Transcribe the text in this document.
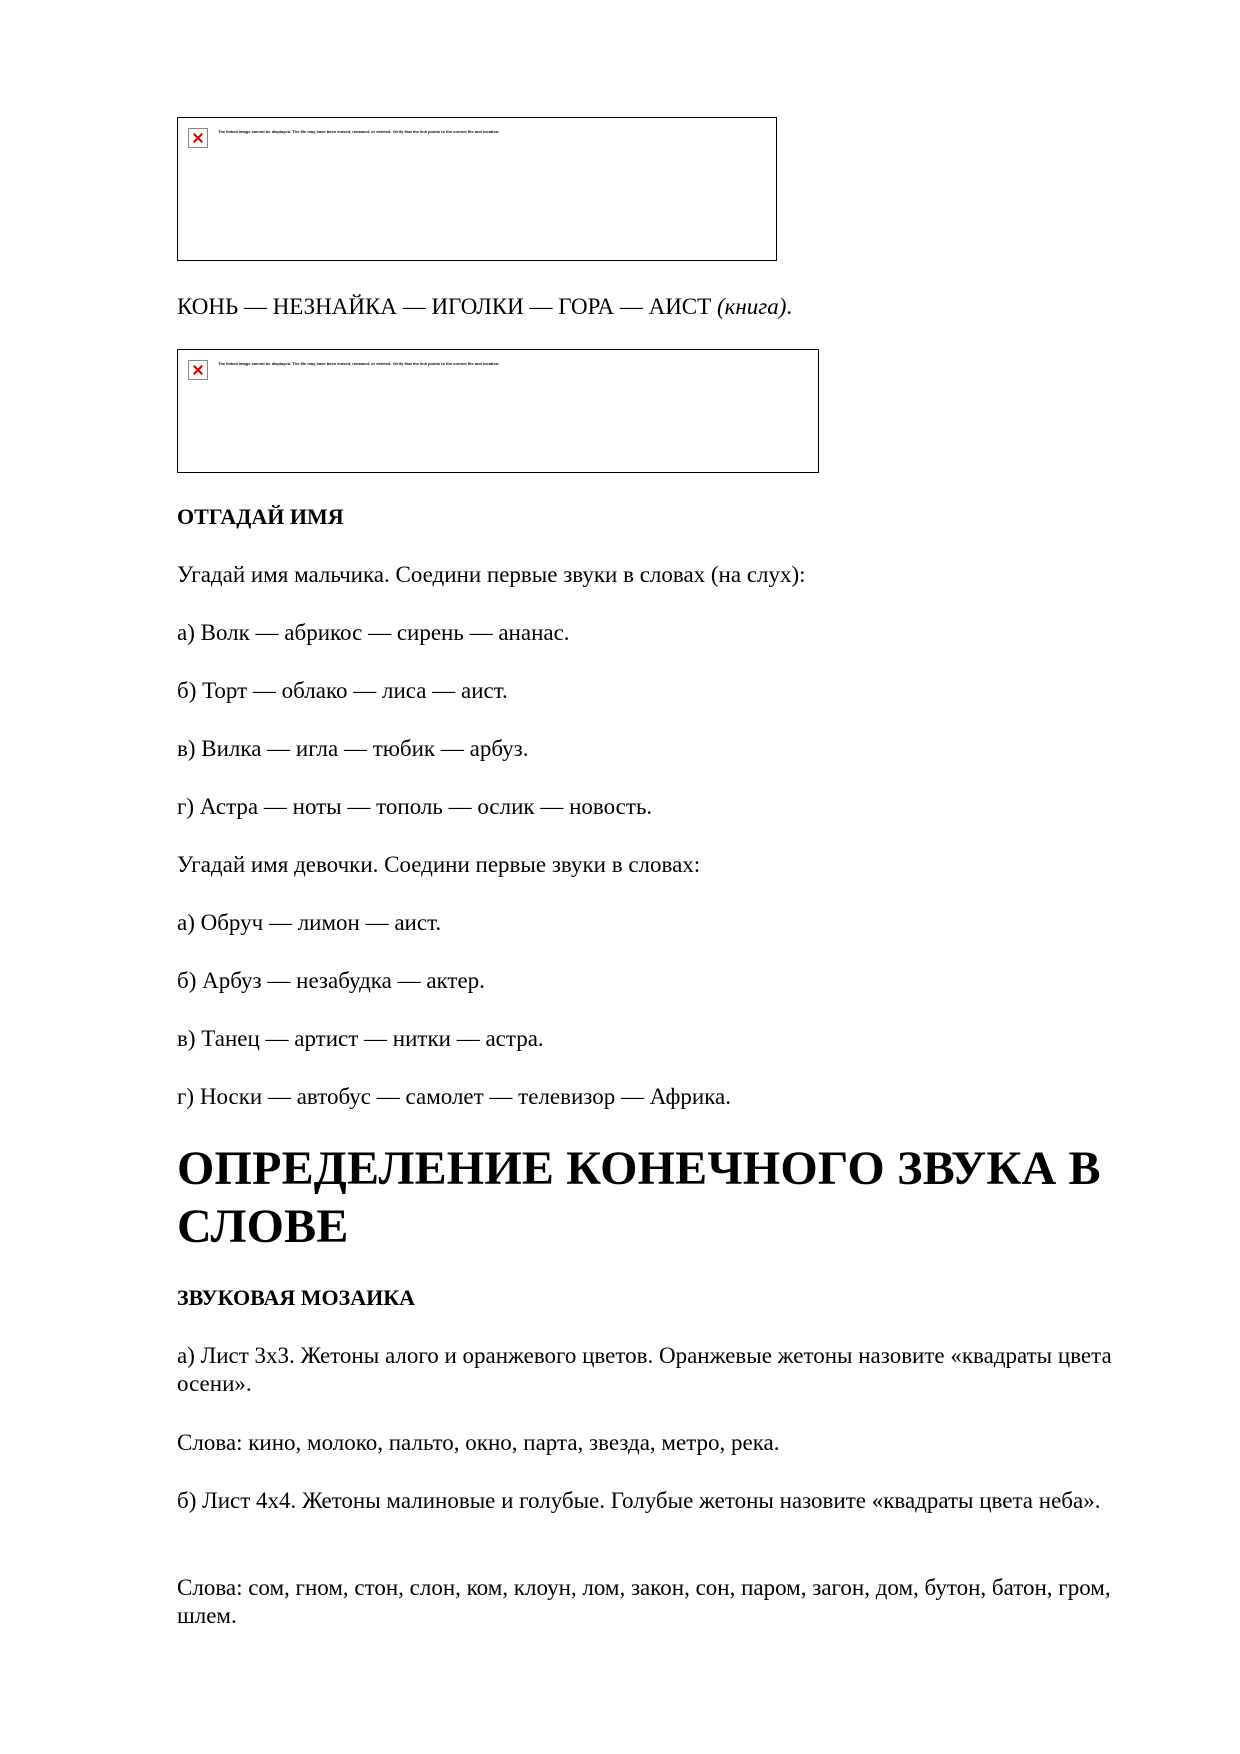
The linked image cannot be displayed. The file may have been moved, renamed, or deleted. Verify that the link points to the correct file and location.
КОНЬ — НЕЗНАЙКА — ИГОЛКИ — ГОРА — АИСТ (книга).
The linked image cannot be displayed. The file may have been moved, renamed, or deleted. Verify that the link points to the correct file and location.
ОТГАДАЙ ИМЯ
Угадай имя мальчика. Соедини первые звуки в словах (на слух):
а) Волк — абрикос — сирень — ананас.
б) Торт — облако — лиса — аист.
в) Вилка — игла — тюбик — арбуз.
г) Астра — ноты — тополь — ослик — новость.
Угадай имя девочки. Соедини первые звуки в словах:
а) Обруч — лимон — аист.
б) Арбуз — незабудка — актер.
в) Танец — артист — нитки — астра.
г) Носки — автобус — самолет — телевизор — Африка.
ОПРЕДЕЛЕНИЕ КОНЕЧНОГО ЗВУКА В СЛОВЕ
ЗВУКОВАЯ МОЗАИКА
а) Лист 3х3. Жетоны алого и оранжевого цветов. Оранжевые жетоны назовите «квадраты цвета осени».
Слова: кино, молоко, пальто, окно, парта, звезда, метро, река.
б) Лист 4х4. Жетоны малиновые и голубые. Голубые жетоны назовите «квадраты цвета неба».
Слова: сом, гном, стон, слон, ком, клоун, лом, закон, сон, паром, загон, дом, бутон, батон, гром, шлем.
